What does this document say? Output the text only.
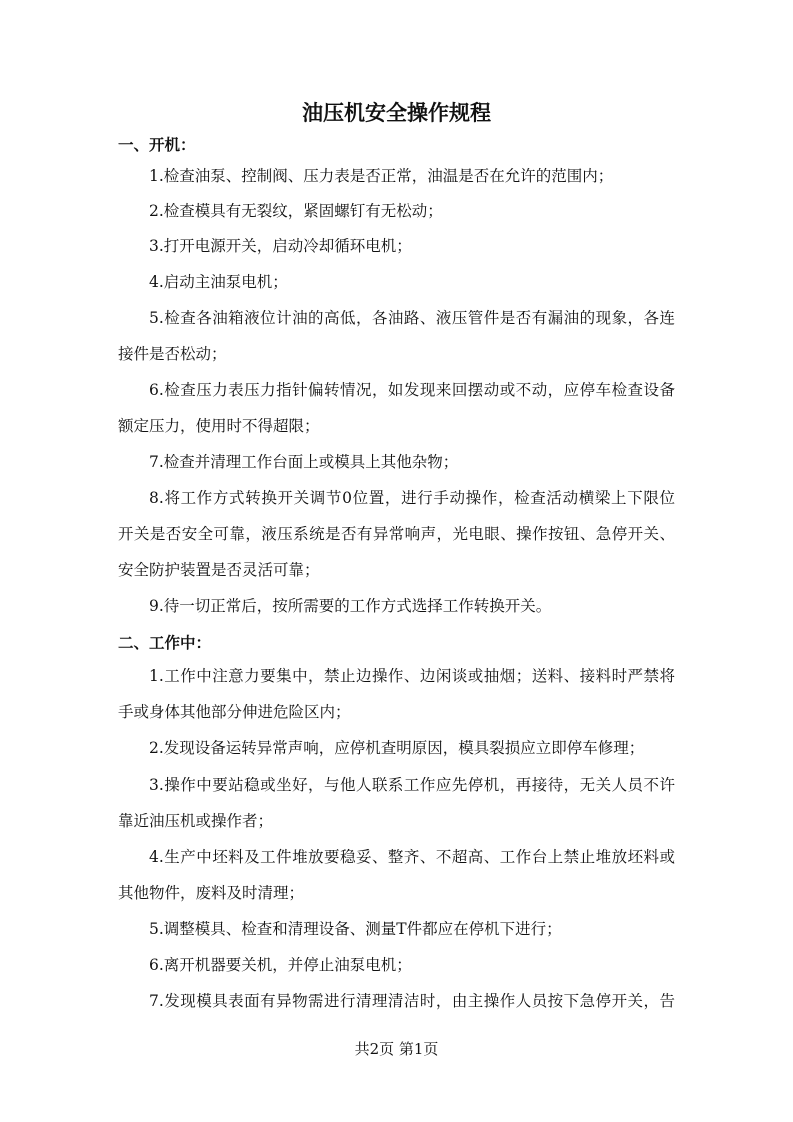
油压机安全操作规程
一、开机：
1.检查油泵、控制阀、压力表是否正常，油温是否在允许的范围内；
2.检查模具有无裂纹，紧固螺钉有无松动；
3.打开电源开关，启动冷却循环电机；
4.启动主油泵电机；
5.检查各油箱液位计油的高低，各油路、液压管件是否有漏油的现象，各连
接件是否松动；
6.检查压力表压力指针偏转情况，如发现来回摆动或不动，应停车检查设备
额定压力，使用时不得超限；
7.检查并清理工作台面上或模具上其他杂物；
8.将工作方式转换开关调节0位置，进行手动操作，检查活动横梁上下限位
开关是否安全可靠，液压系统是否有异常响声，光电眼、操作按钮、急停开关、
安全防护装置是否灵活可靠；
9.待一切正常后，按所需要的工作方式选择工作转换开关。
二、工作中：
1.工作中注意力要集中，禁止边操作、边闲谈或抽烟；送料、接料时严禁将
手或身体其他部分伸进危险区内；
2.发现设备运转异常声响，应停机查明原因，模具裂损应立即停车修理；
3.操作中要站稳或坐好，与他人联系工作应先停机，再接待，无关人员不许
靠近油压机或操作者；
4.生产中坯料及工件堆放要稳妥、整齐、不超高、工作台上禁止堆放坯料或
其他物件，废料及时清理；
5.调整模具、检查和清理设备、测量T件都应在停机下进行；
6.离开机器要关机，并停止油泵电机；
7.发现模具表面有异物需进行清理清洁时，由主操作人员按下急停开关，告
共2页 第1页
